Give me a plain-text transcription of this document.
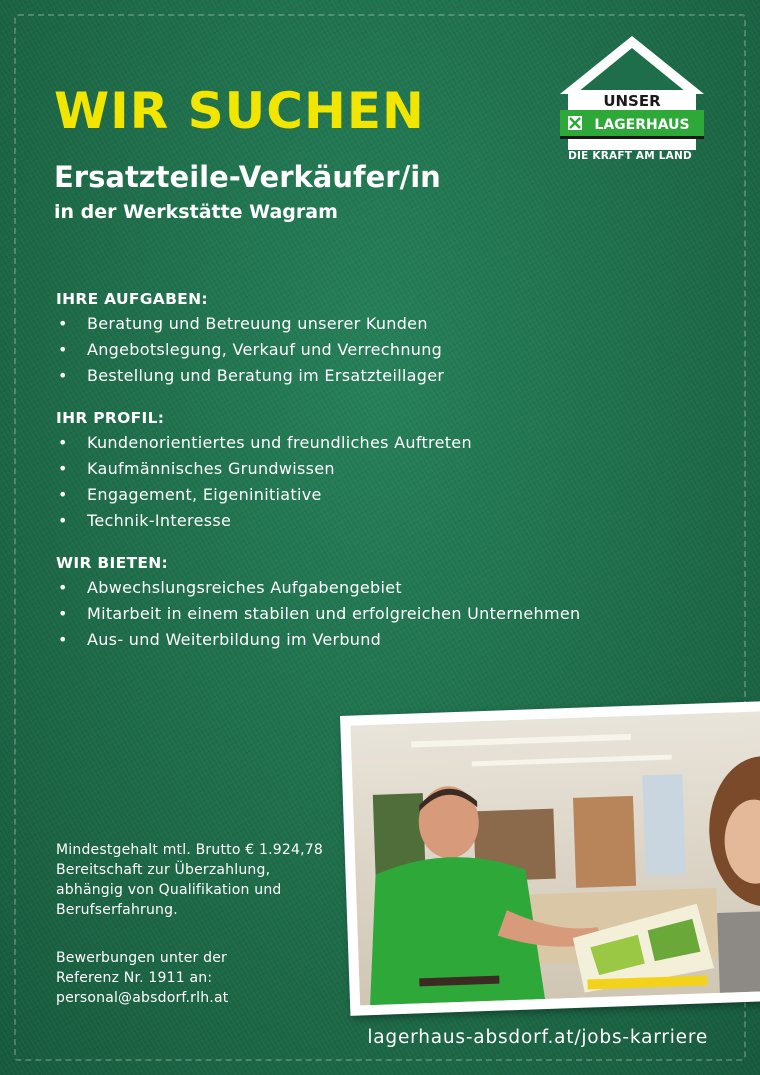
WIR SUCHEN
Ersatzteile-Verkäufer/in

in der Werkstätte Wagram

UNSER
LAGERHAUS
DIE KRAFT AM LAND
IHRE AUFGABEN:
• Beratung und Betreuung unserer Kunden
• Angebotslegung, Verkauf und Verrechnung
• Bestellung und Beratung im Ersatzteillager
IHR PROFIL:
• Kundenorientiertes und freundliches Auftreten
• Kaufmännisches Grundwissen
• Engagement, Eigeninitiative
• Technik-Interesse
WIR BIETEN:
• Abwechslungsreiches Aufgabengebiet
• Mitarbeit in einem stabilen und erfolgreichen Unternehmen
• Aus- und Weiterbildung im Verbund

Mindestgehalt mtl. Brutto € 1.924,78
Bereitschaft zur Überzahlung,
abhängig von Qualifikation und
Berufserfahrung.

Bewerbungen unter der
Referenz Nr. 1911 an:
personal@absdorf.rlh.at

lagerhaus-absdorf.at/jobs-karriere
